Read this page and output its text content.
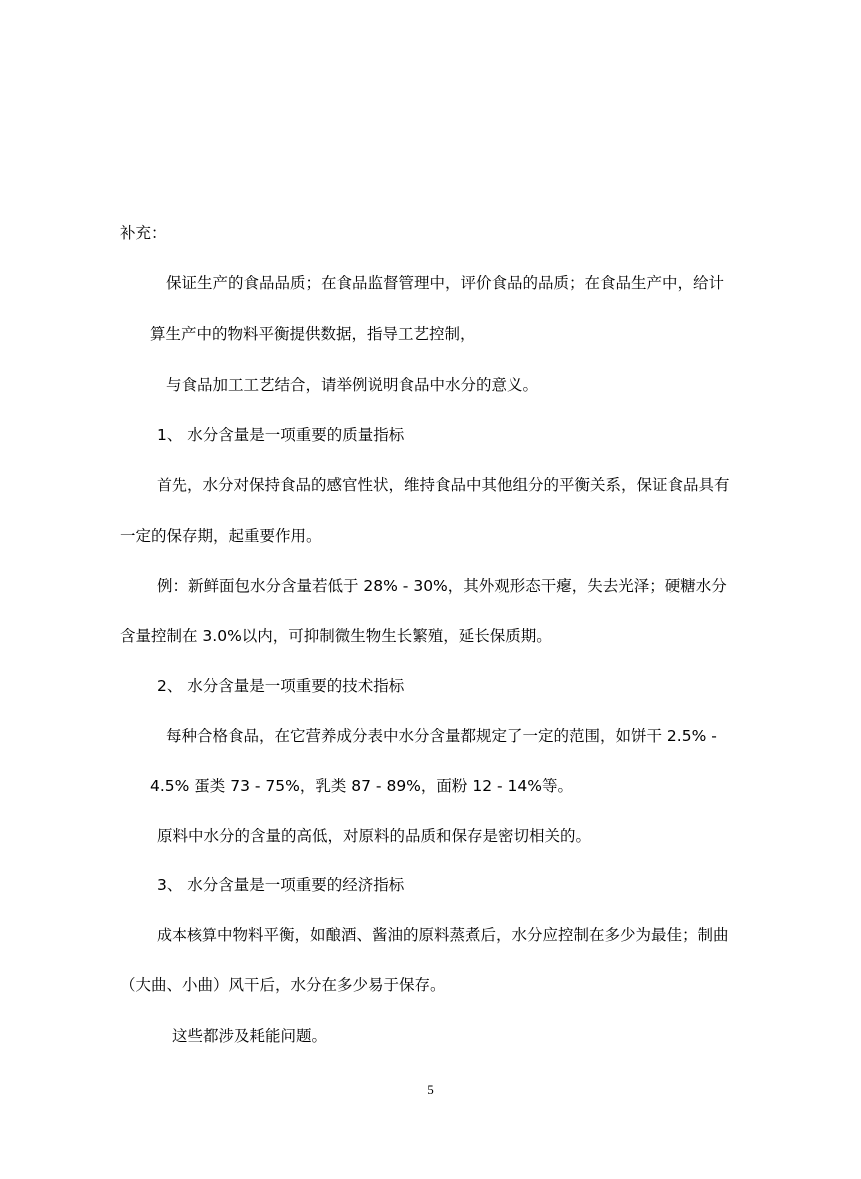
补充：
保证生产的食品品质；在食品监督管理中，评价食品的品质；在食品生产中，给计
算生产中的物料平衡提供数据，指导工艺控制，
与食品加工工艺结合，请举例说明食品中水分的意义。
1、 水分含量是一项重要的质量指标
首先，水分对保持食品的感官性状，维持食品中其他组分的平衡关系，保证食品具有
一定的保存期，起重要作用。
例：新鲜面包水分含量若低于 28% - 30%，其外观形态干瘪，失去光泽；硬糖水分
含量控制在 3.0%以内，可抑制微生物生长繁殖，延长保质期。
2、 水分含量是一项重要的技术指标
每种合格食品，在它营养成分表中水分含量都规定了一定的范围，如饼干 2.5% -
4.5% 蛋类 73 - 75%，乳类 87 - 89%，面粉 12 - 14%等。
原料中水分的含量的高低，对原料的品质和保存是密切相关的。
3、 水分含量是一项重要的经济指标
成本核算中物料平衡，如酿酒、酱油的原料蒸煮后，水分应控制在多少为最佳；制曲
（大曲、小曲）风干后，水分在多少易于保存。
这些都涉及耗能问题。
5
